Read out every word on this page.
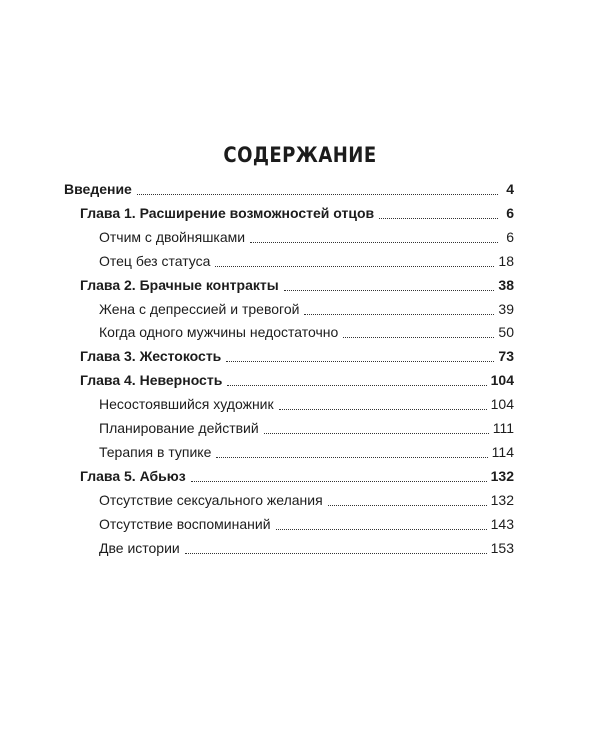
СОДЕРЖАНИЕ
Введение	4
Глава 1. Расширение возможностей отцов	6
Отчим с двойняшками	6
Отец без статуса	18
Глава 2. Брачные контракты	38
Жена с депрессией и тревогой	39
Когда одного мужчины недостаточно	50
Глава 3. Жестокость	73
Глава 4. Неверность	104
Несостоявшийся художник	104
Планирование действий	111
Терапия в тупике	114
Глава 5. Абьюз	132
Отсутствие сексуального желания	132
Отсутствие воспоминаний	143
Две истории	153
